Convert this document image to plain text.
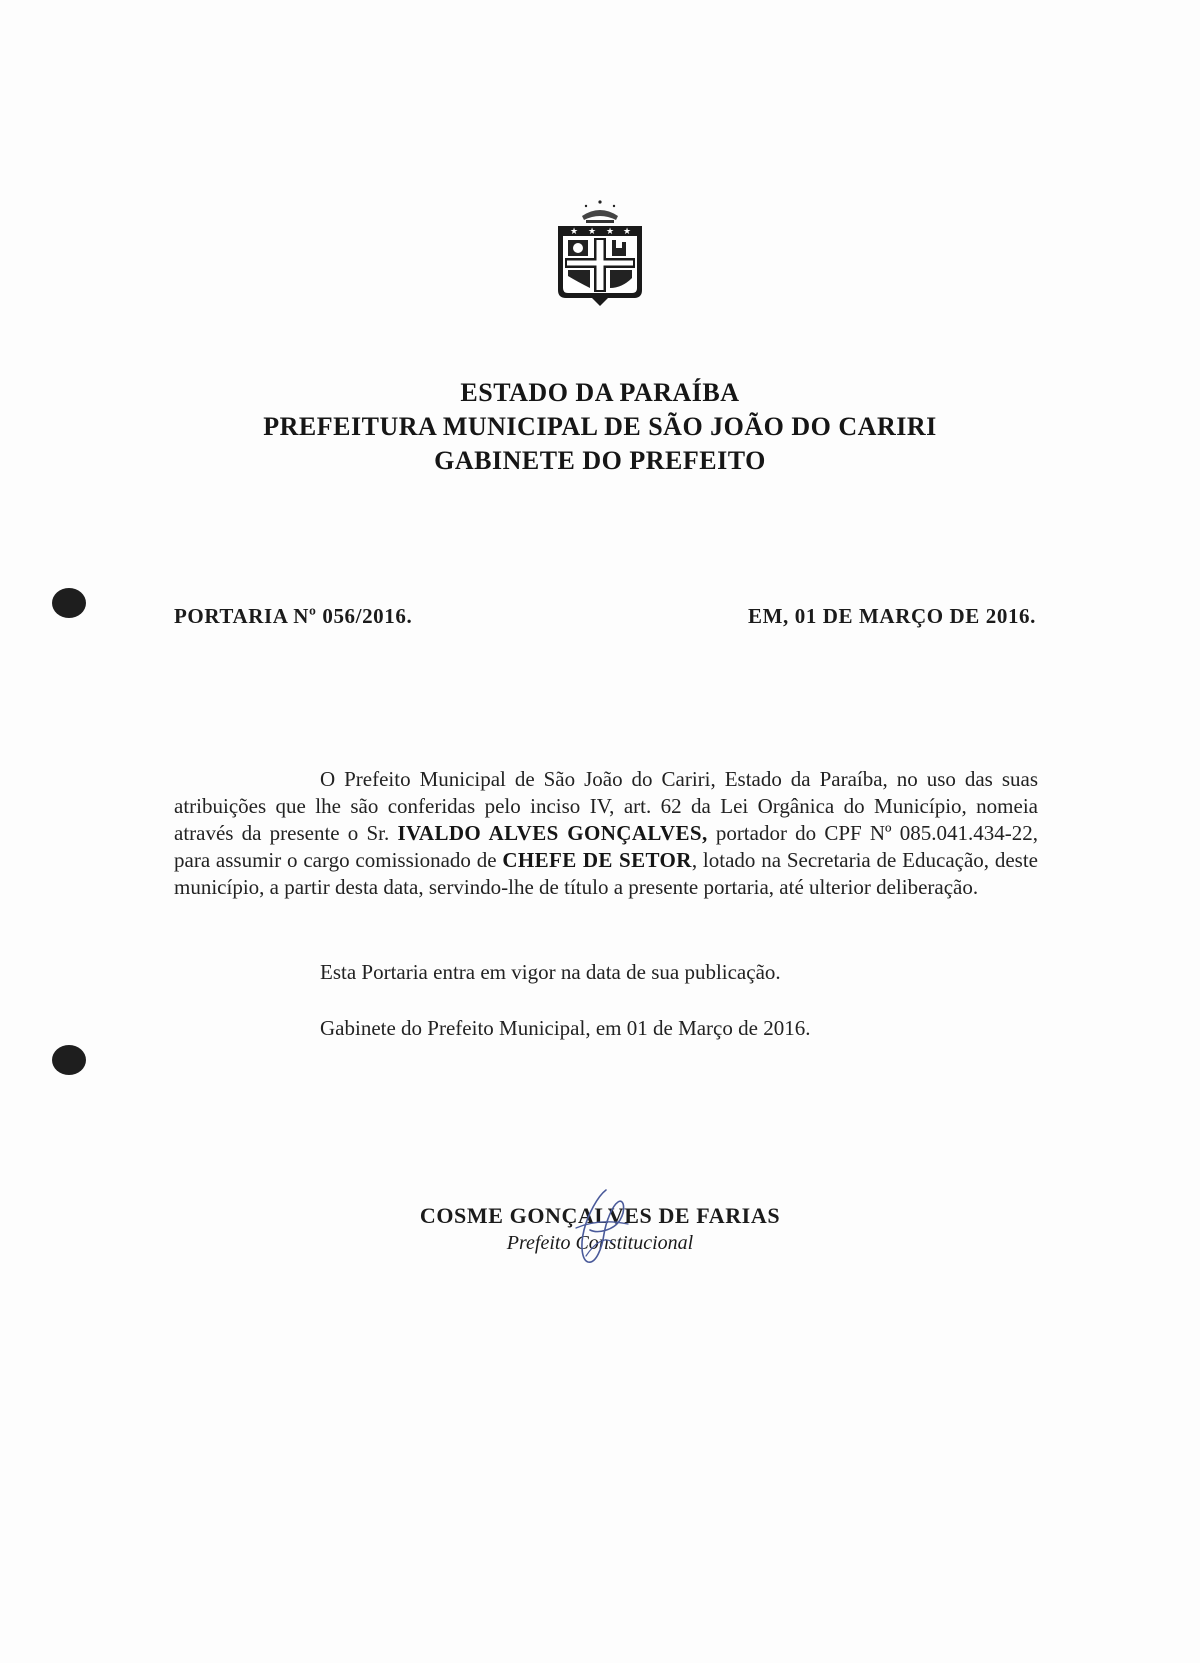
★ ★ ★ ★
ESTADO DA PARAÍBA
PREFEITURA MUNICIPAL DE SÃO JOÃO DO CARIRI
GABINETE DO PREFEITO
PORTARIA Nº 056/2016.	EM, 01 DE MARÇO DE 2016.
O Prefeito Municipal de São João do Cariri, Estado da Paraíba, no uso das suas atribuições que lhe são conferidas pelo inciso IV, art. 62 da Lei Orgânica do Município, nomeia através da presente o Sr. IVALDO ALVES GONÇALVES, portador do CPF Nº 085.041.434-22, para assumir o cargo comissionado de CHEFE DE SETOR, lotado na Secretaria de Educação, deste município, a partir desta data, servindo-lhe de título a presente portaria, até ulterior deliberação.
Esta Portaria entra em vigor na data de sua publicação.
Gabinete do Prefeito Municipal, em 01 de Março de 2016.
COSME GONÇALVES DE FARIAS
Prefeito Constitucional
